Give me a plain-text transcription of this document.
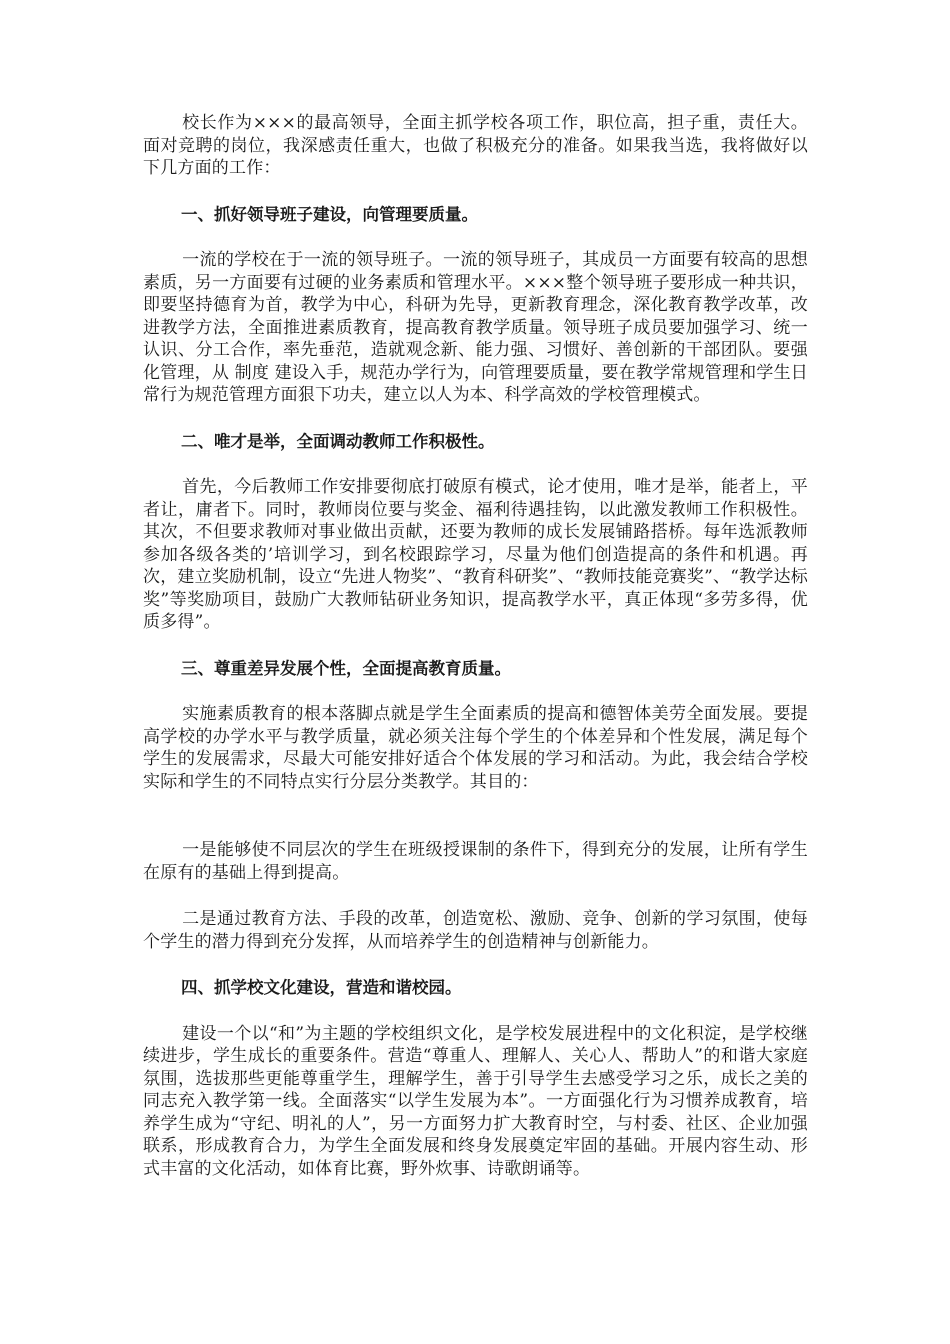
校长作为×××的最高领导，全面主抓学校各项工作，职位高，担子重，责任大。面对竞聘的岗位，我深感责任重大，也做了积极充分的准备。如果我当选，我将做好以下几方面的工作：

一、抓好领导班子建设，向管理要质量。

一流的学校在于一流的领导班子。一流的领导班子，其成员一方面要有较高的思想素质，另一方面要有过硬的业务素质和管理水平。×××整个领导班子要形成一种共识，即要坚持德育为首，教学为中心，科研为先导，更新教育理念，深化教育教学改革，改进教学方法，全面推进素质教育，提高教育教学质量。领导班子成员要加强学习、统一认识、分工合作，率先垂范，造就观念新、能力强、习惯好、善创新的干部团队。要强化管理，从 制度 建设入手，规范办学行为，向管理要质量，要在教学常规管理和学生日常行为规范管理方面狠下功夫，建立以人为本、科学高效的学校管理模式。

二、唯才是举，全面调动教师工作积极性。

首先，今后教师工作安排要彻底打破原有模式，论才使用，唯才是举，能者上，平者让，庸者下。同时，教师岗位要与奖金、福利待遇挂钩，以此激发教师工作积极性。其次，不但要求教师对事业做出贡献，还要为教师的成长发展铺路搭桥。每年选派教师参加各级各类的’培训学习，到名校跟踪学习，尽量为他们创造提高的条件和机遇。再次，建立奖励机制，设立“先进人物奖”、“教育科研奖”、“教师技能竞赛奖”、“教学达标奖”等奖励项目，鼓励广大教师钻研业务知识，提高教学水平，真正体现“多劳多得，优质多得”。

三、尊重差异发展个性，全面提高教育质量。

实施素质教育的根本落脚点就是学生全面素质的提高和德智体美劳全面发展。要提高学校的办学水平与教学质量，就必须关注每个学生的个体差异和个性发展，满足每个学生的发展需求，尽最大可能安排好适合个体发展的学习和活动。为此，我会结合学校实际和学生的不同特点实行分层分类教学。其目的：

一是能够使不同层次的学生在班级授课制的条件下，得到充分的发展，让所有学生在原有的基础上得到提高。

二是通过教育方法、手段的改革，创造宽松、激励、竞争、创新的学习氛围，使每个学生的潜力得到充分发挥，从而培养学生的创造精神与创新能力。

四、抓学校文化建设，营造和谐校园。

建设一个以“和”为主题的学校组织文化，是学校发展进程中的文化积淀，是学校继续进步，学生成长的重要条件。营造“尊重人、理解人、关心人、帮助人”的和谐大家庭氛围，选拔那些更能尊重学生，理解学生，善于引导学生去感受学习之乐，成长之美的同志充入教学第一线。全面落实“以学生发展为本”。一方面强化行为习惯养成教育，培养学生成为“守纪、明礼的人”，另一方面努力扩大教育时空，与村委、社区、企业加强联系，形成教育合力，为学生全面发展和终身发展奠定牢固的基础。开展内容生动、形式丰富的文化活动，如体育比赛，野外炊事、诗歌朗诵等。
